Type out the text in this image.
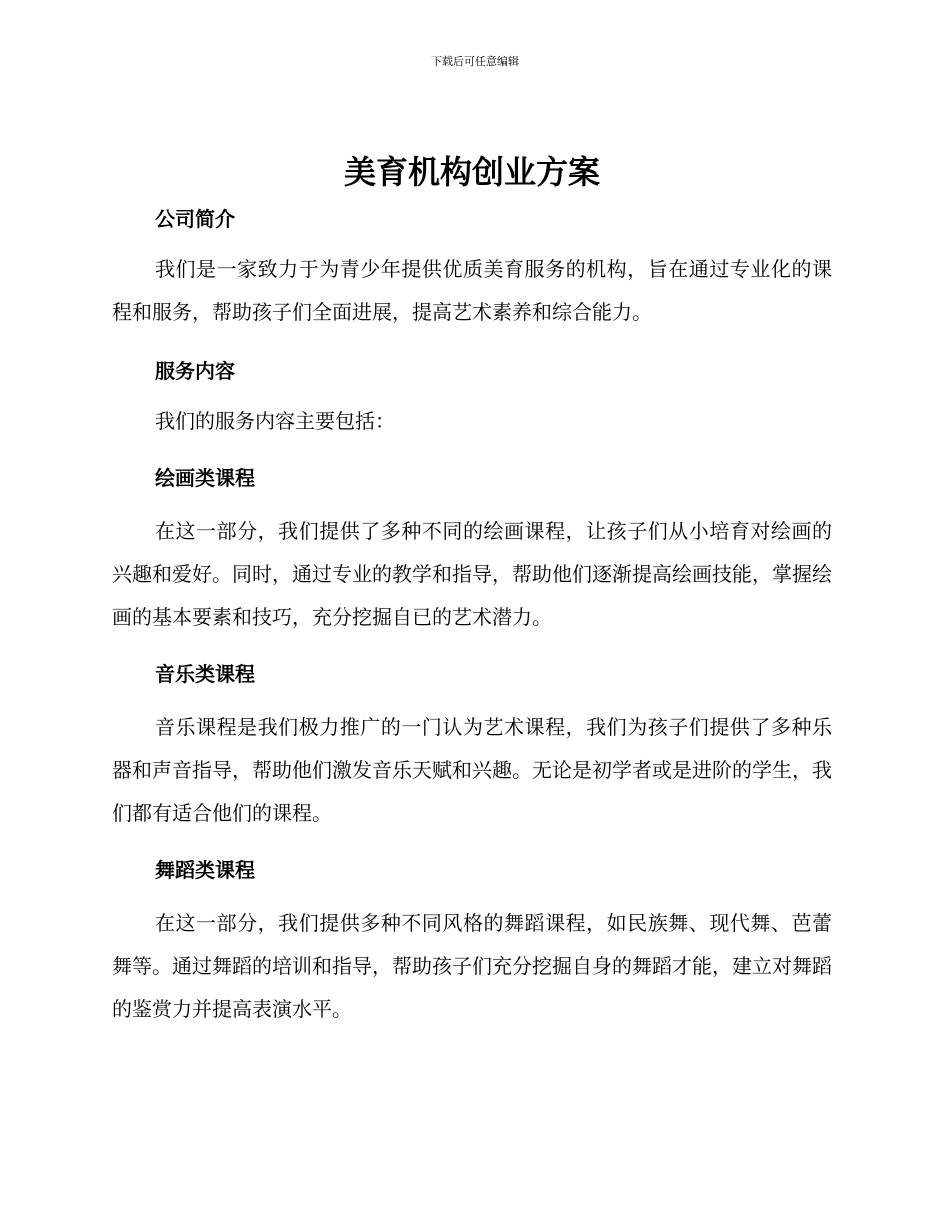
下载后可任意编辑
美育机构创业方案
公司简介

我们是一家致力于为青少年提供优质美育服务的机构，旨在通过专业化的课程和服务，帮助孩子们全面进展，提高艺术素养和综合能力。

服务内容

我们的服务内容主要包括：

绘画类课程

在这一部分，我们提供了多种不同的绘画课程，让孩子们从小培育对绘画的兴趣和爱好。同时，通过专业的教学和指导，帮助他们逐渐提高绘画技能，掌握绘画的基本要素和技巧，充分挖掘自已的艺术潜力。

音乐类课程

音乐课程是我们极力推广的一门认为艺术课程，我们为孩子们提供了多种乐器和声音指导，帮助他们激发音乐天赋和兴趣。无论是初学者或是进阶的学生，我们都有适合他们的课程。

舞蹈类课程

在这一部分，我们提供多种不同风格的舞蹈课程，如民族舞、现代舞、芭蕾舞等。通过舞蹈的培训和指导，帮助孩子们充分挖掘自身的舞蹈才能，建立对舞蹈的鉴赏力并提高表演水平。
